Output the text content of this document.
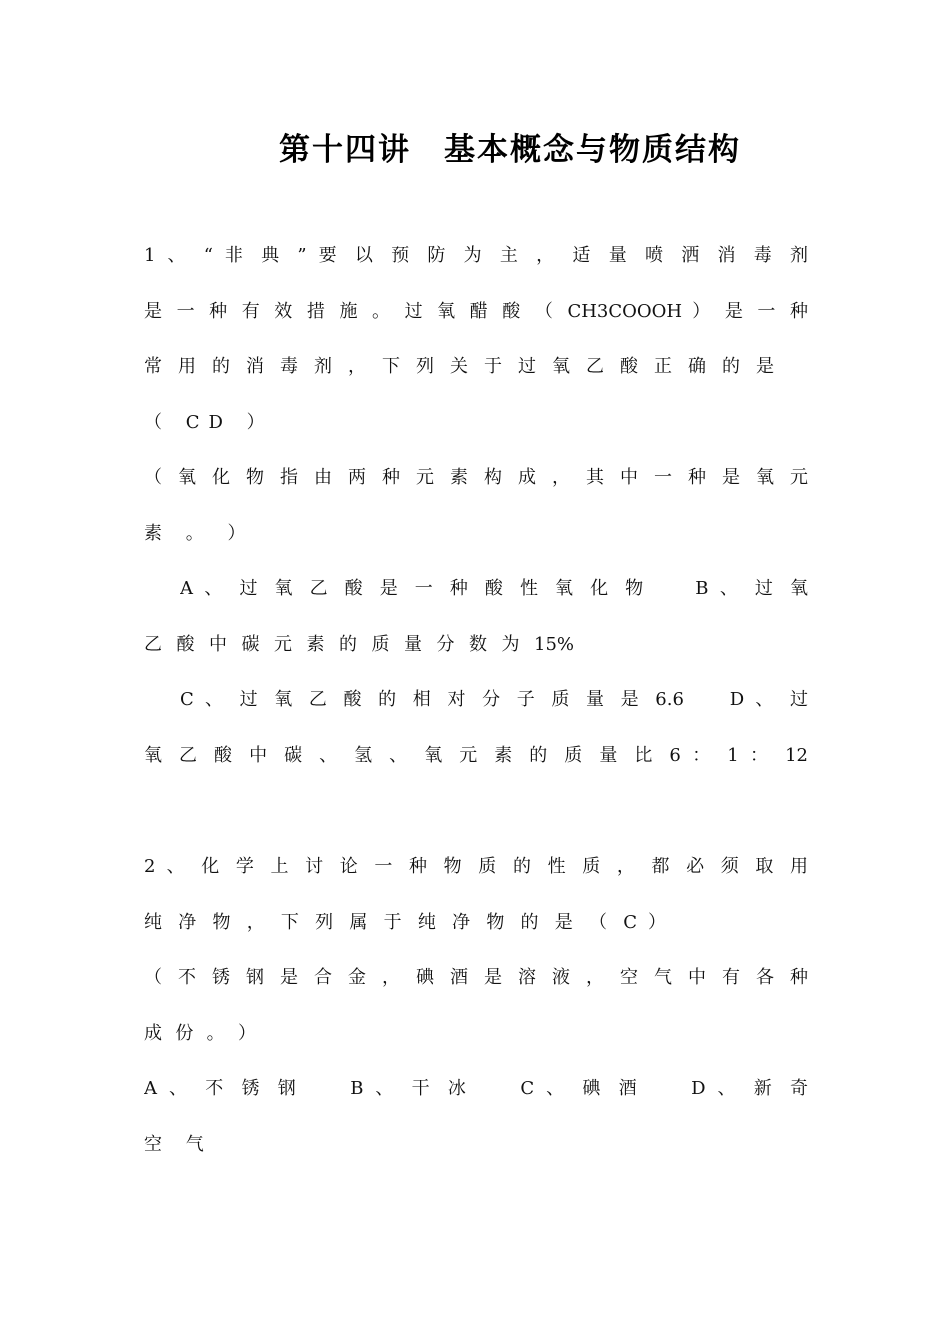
第十四讲　基本概念与物质结构
1 、 “ 非 典 ” 要 以 预 防 为 主 ， 适 量 喷 洒 消 毒 剂
是 一 种 有 效 措 施 。 过 氧 醋 酸 （ CH3COOOH ） 是 一 种
常 用 的 消 毒 剂 ， 下 列 关 于 过 氧 乙 酸 正 确 的 是
（ CD ）
（ 氧 化 物 指 由 两 种 元 素 构 成 ， 其 中 一 种 是 氧 元
素 。 ）
A 、 过 氧 乙 酸 是 一 种 酸 性 氧 化 物 　 B 、 过 氧
乙 酸 中 碳 元 素 的 质 量 分 数 为 15%
C 、 过 氧 乙 酸 的 相 对 分 子 质 量 是 6.6 　 D 、 过
氧 乙 酸 中 碳 、 氢 、 氧 元 素 的 质 量 比 6 ： 1 ： 12
2 、 化 学 上 讨 论 一 种 物 质 的 性 质 ， 都 必 须 取 用
纯 净 物 ， 下 列 属 于 纯 净 物 的 是 （ C ）
（ 不 锈 钢 是 合 金 ， 碘 酒 是 溶 液 ， 空 气 中 有 各 种
成 份 。 ）
A 、 不 锈 钢 　 B 、 干 冰 　 C 、 碘 酒 　 D 、 新 奇
空 气
